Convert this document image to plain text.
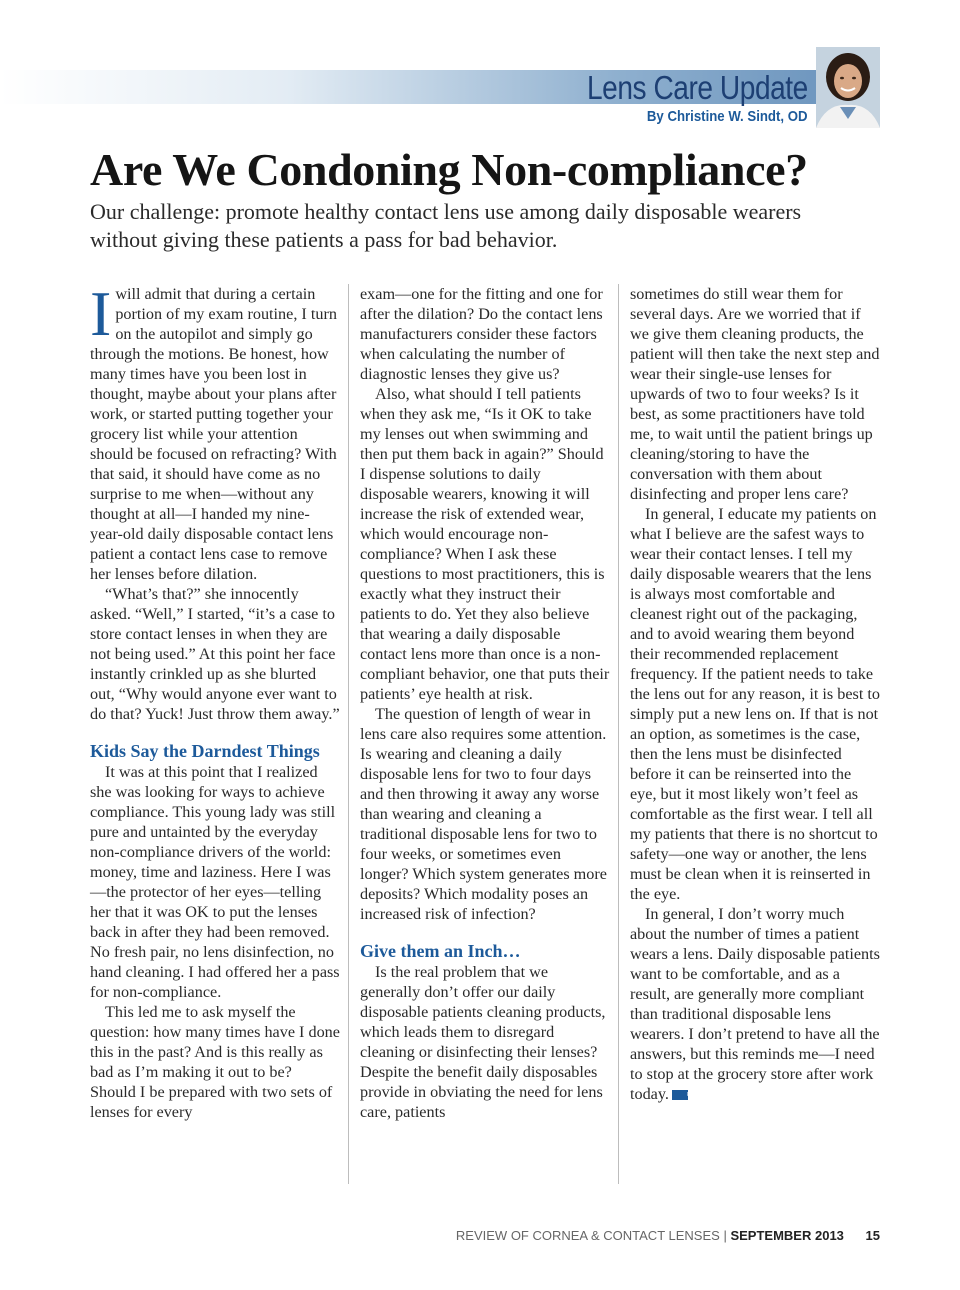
Lens Care Update
By Christine W. Sindt, OD
Are We Condoning Non-compliance?

Our challenge: promote healthy contact lens use among daily disposable wearers without giving these patients a pass for bad behavior.

Iwill admit that during a certain portion of my exam routine, I turn on the autopilot and simply go through the motions. Be honest, how many times have you been lost in thought, maybe about your plans after work, or started putting together your grocery list while your attention should be focused on refracting? With that said, it should have come as no surprise to me when—without any thought at all—I handed my nine-year-old daily disposable contact lens patient a contact lens case to remove her lenses before dilation.

“What’s that?” she innocently asked. “Well,” I started, “it’s a case to store contact lenses in when they are not being used.” At this point her face instantly crinkled up as she blurted out, “Why would anyone ever want to do that? Yuck! Just throw them away.”

Kids Say the Darndest Things

It was at this point that I realized she was looking for ways to achieve compliance. This young lady was still pure and untainted by the everyday non-compliance drivers of the world: money, time and laziness. Here I was—the protector of her eyes—telling her that it was OK to put the lenses back in after they had been removed. No fresh pair, no lens disinfection, no hand cleaning. I had offered her a pass for non-compliance.

This led me to ask myself the question: how many times have I done this in the past? And is this really as bad as I’m making it out to be? Should I be prepared with two sets of lenses for every

exam—one for the fitting and one for after the dilation? Do the contact lens manufacturers consider these factors when calculating the number of diagnostic lenses they give us?

Also, what should I tell patients when they ask me, “Is it OK to take my lenses out when swimming and then put them back in again?” Should I dispense solutions to daily disposable wearers, knowing it will increase the risk of extended wear, which would encourage non-compliance? When I ask these questions to most practitioners, this is exactly what they instruct their patients to do. Yet they also believe that wearing a daily disposable contact lens more than once is a non-compliant behavior, one that puts their patients’ eye health at risk.

The question of length of wear in lens care also requires some attention. Is wearing and cleaning a daily disposable lens for two to four days and then throwing it away any worse than wearing and cleaning a traditional disposable lens for two to four weeks, or sometimes even longer? Which system generates more deposits? Which modality poses an increased risk of infection?

Give them an Inch…

Is the real problem that we generally don’t offer our daily disposable patients cleaning products, which leads them to disregard cleaning or disinfecting their lenses? Despite the benefit daily disposables provide in obviating the need for lens care, patients

sometimes do still wear them for several days. Are we worried that if we give them cleaning products, the patient will then take the next step and wear their single-use lenses for upwards of two to four weeks? Is it best, as some practitioners have told me, to wait until the patient brings up cleaning/storing to have the conversation with them about disinfecting and proper lens care?

In general, I educate my patients on what I believe are the safest ways to wear their contact lenses. I tell my daily disposable wearers that the lens is always most comfortable and cleanest right out of the packaging, and to avoid wearing them beyond their recommended replacement frequency. If the patient needs to take the lens out for any reason, it is best to simply put a new lens on. If that is not an option, as sometimes is the case, then the lens must be disinfected before it can be reinserted into the eye, but it most likely won’t feel as comfortable as the first wear. I tell all my patients that there is no shortcut to safety—one way or another, the lens must be clean when it is reinserted in the eye.

In general, I don’t worry much about the number of times a patient wears a lens. Daily disposable patients want to be comfortable, and as a result, are generally more compliant than traditional disposable lens wearers. I don’t pretend to have all the answers, but this reminds me—I need to stop at the grocery store after work today.	RCCL

REVIEW OF CORNEA & CONTACT LENSES | SEPTEMBER 2013 15
